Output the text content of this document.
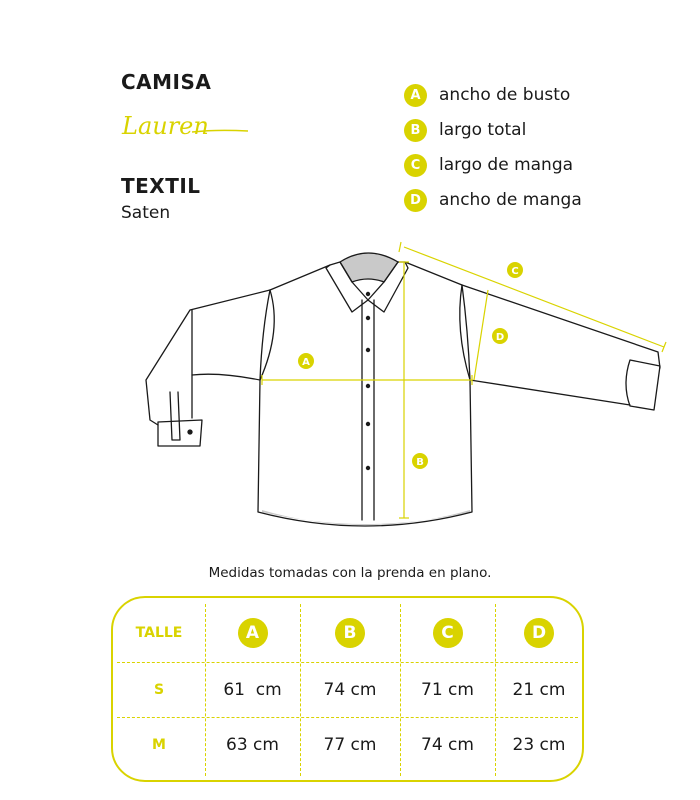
CAMISA
Lauren
TEXTIL
Saten
A	ancho de busto
B	largo total
C	largo de manga
D	ancho de manga
A
B
C
D
Medidas tomadas con la prenda en plano.
TALLE	A	B	C	D
S	61  cm	74 cm	71 cm	21 cm
M	63 cm	77 cm	74 cm	23 cm
